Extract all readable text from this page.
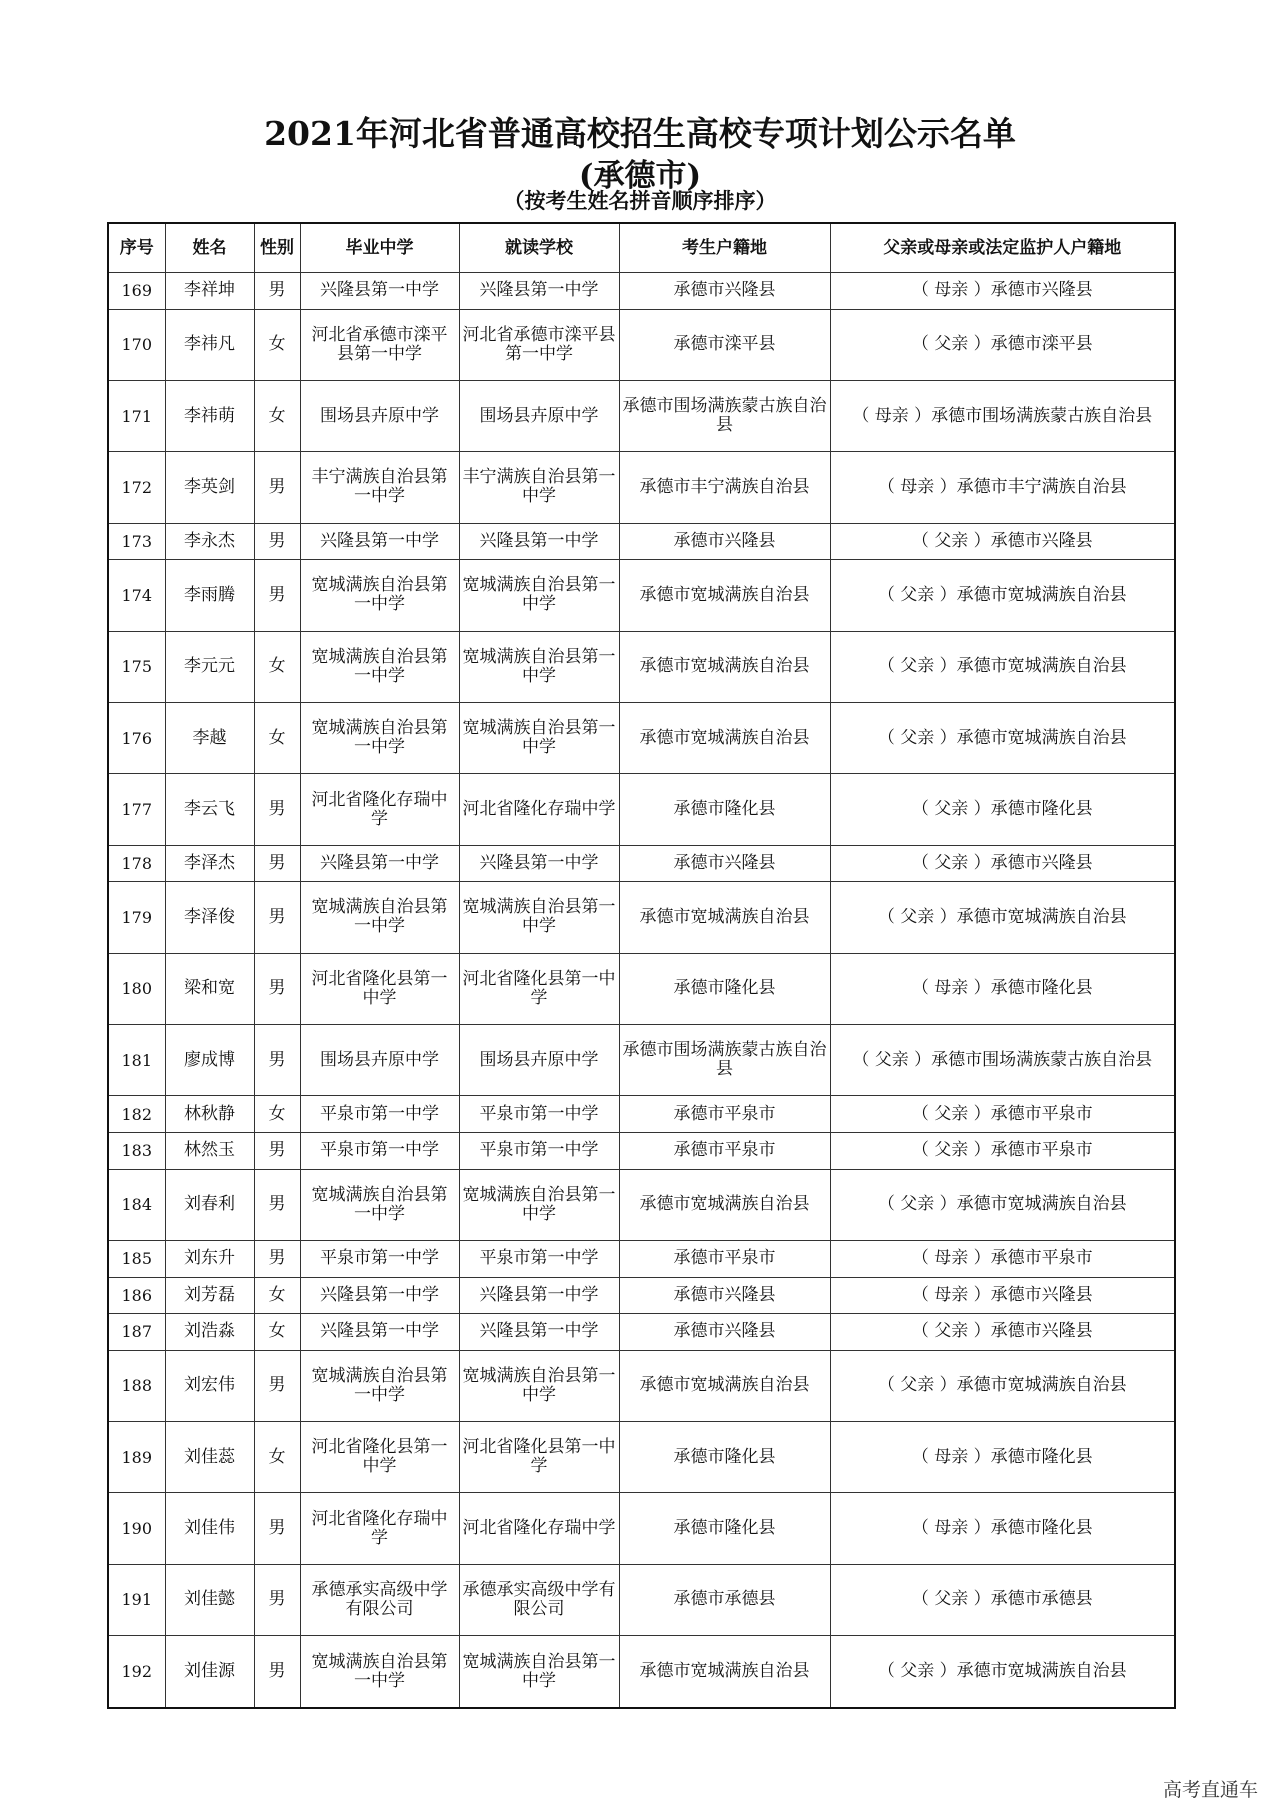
2021年河北省普通高校招生高校专项计划公示名单
(承德市)
（按考生姓名拼音顺序排序）
序号	姓名	性别	毕业中学	就读学校	考生户籍地	父亲或母亲或法定监护人户籍地
169	李祥坤	男	兴隆县第一中学	兴隆县第一中学	承德市兴隆县	（ 母亲 ）承德市兴隆县
170	李祎凡	女	河北省承德市滦平县第一中学	河北省承德市滦平县第一中学	承德市滦平县	（ 父亲 ）承德市滦平县
171	李祎萌	女	围场县卉原中学	围场县卉原中学	承德市围场满族蒙古族自治县	（ 母亲 ）承德市围场满族蒙古族自治县
172	李英剑	男	丰宁满族自治县第一中学	丰宁满族自治县第一中学	承德市丰宁满族自治县	（ 母亲 ）承德市丰宁满族自治县
173	李永杰	男	兴隆县第一中学	兴隆县第一中学	承德市兴隆县	（ 父亲 ）承德市兴隆县
174	李雨腾	男	宽城满族自治县第一中学	宽城满族自治县第一中学	承德市宽城满族自治县	（ 父亲 ）承德市宽城满族自治县
175	李元元	女	宽城满族自治县第一中学	宽城满族自治县第一中学	承德市宽城满族自治县	（ 父亲 ）承德市宽城满族自治县
176	李越	女	宽城满族自治县第一中学	宽城满族自治县第一中学	承德市宽城满族自治县	（ 父亲 ）承德市宽城满族自治县
177	李云飞	男	河北省隆化存瑞中学	河北省隆化存瑞中学	承德市隆化县	（ 父亲 ）承德市隆化县
178	李泽杰	男	兴隆县第一中学	兴隆县第一中学	承德市兴隆县	（ 父亲 ）承德市兴隆县
179	李泽俊	男	宽城满族自治县第一中学	宽城满族自治县第一中学	承德市宽城满族自治县	（ 父亲 ）承德市宽城满族自治县
180	梁和宽	男	河北省隆化县第一中学	河北省隆化县第一中学	承德市隆化县	（ 母亲 ）承德市隆化县
181	廖成博	男	围场县卉原中学	围场县卉原中学	承德市围场满族蒙古族自治县	（ 父亲 ）承德市围场满族蒙古族自治县
182	林秋静	女	平泉市第一中学	平泉市第一中学	承德市平泉市	（ 父亲 ）承德市平泉市
183	林然玉	男	平泉市第一中学	平泉市第一中学	承德市平泉市	（ 父亲 ）承德市平泉市
184	刘春利	男	宽城满族自治县第一中学	宽城满族自治县第一中学	承德市宽城满族自治县	（ 父亲 ）承德市宽城满族自治县
185	刘东升	男	平泉市第一中学	平泉市第一中学	承德市平泉市	（ 母亲 ）承德市平泉市
186	刘芳磊	女	兴隆县第一中学	兴隆县第一中学	承德市兴隆县	（ 母亲 ）承德市兴隆县
187	刘浩淼	女	兴隆县第一中学	兴隆县第一中学	承德市兴隆县	（ 父亲 ）承德市兴隆县
188	刘宏伟	男	宽城满族自治县第一中学	宽城满族自治县第一中学	承德市宽城满族自治县	（ 父亲 ）承德市宽城满族自治县
189	刘佳蕊	女	河北省隆化县第一中学	河北省隆化县第一中学	承德市隆化县	（ 母亲 ）承德市隆化县
190	刘佳伟	男	河北省隆化存瑞中学	河北省隆化存瑞中学	承德市隆化县	（ 母亲 ）承德市隆化县
191	刘佳懿	男	承德承实高级中学有限公司	承德承实高级中学有限公司	承德市承德县	（ 父亲 ）承德市承德县
192	刘佳源	男	宽城满族自治县第一中学	宽城满族自治县第一中学	承德市宽城满族自治县	（ 父亲 ）承德市宽城满族自治县
高考直通车
